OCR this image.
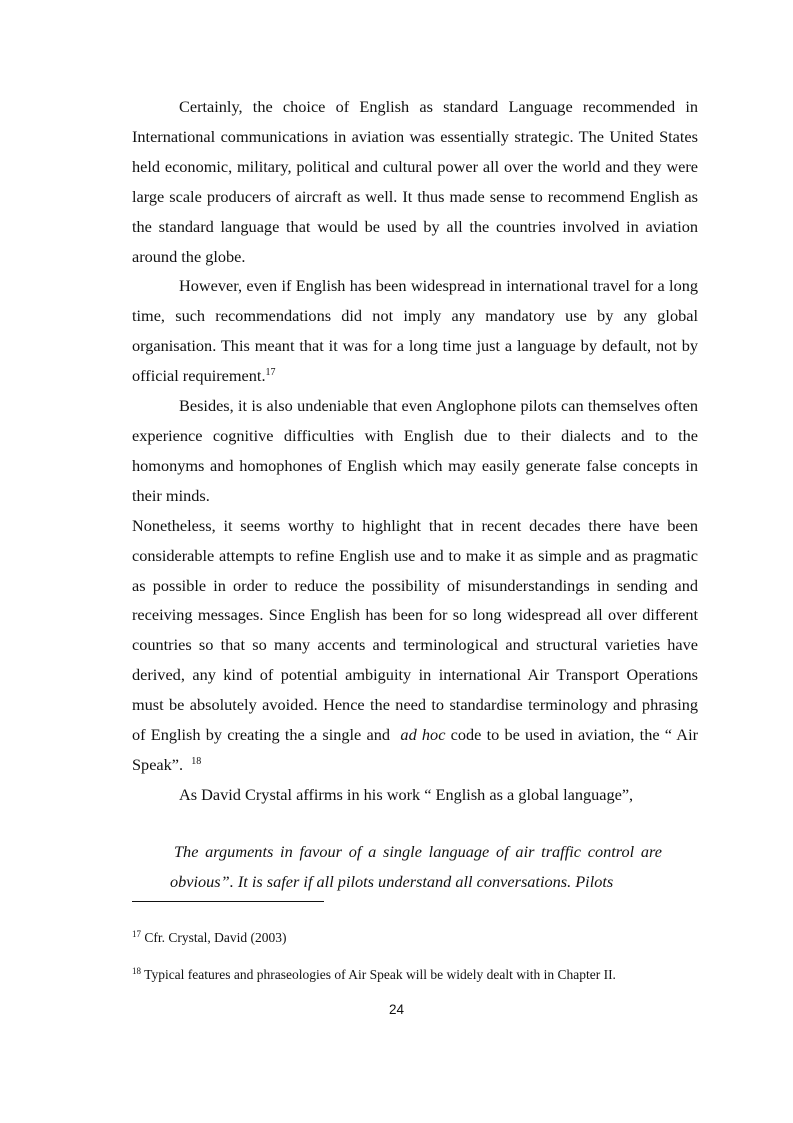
Certainly, the choice of English as standard Language recommended in International communications in aviation was essentially strategic. The United States held economic, military, political and cultural power all over the world and they were large scale producers of aircraft as well. It thus made sense to recommend English as the standard language that would be used by all the countries involved in aviation around the globe.

However, even if English has been widespread in international travel for a long time, such recommendations did not imply any mandatory use by any global organisation. This meant that it was for a long time just a language by default, not by official requirement.$^{17}$

Besides, it is also undeniable that even Anglophone pilots can themselves often experience cognitive difficulties with English due to their dialects and to the homonyms and homophones of English which may easily generate false concepts in their minds.

Nonetheless, it seems worthy to highlight that in recent decades there have been considerable attempts to refine English use and to make it as simple and as pragmatic as possible in order to reduce the possibility of misunderstandings in sending and receiving messages. Since English has been for so long widespread all over different countries so that so many accents and terminological and structural varieties have derived, any kind of potential ambiguity in international Air Transport Operations must be absolutely avoided. Hence the need to standardise terminology and phrasing of English by creating the a single and ad hoc code to be used in aviation, the “ Air Speak”. $^{18}$

As David Crystal affirms in his work “ English as a global language”,

The arguments in favour of a single language of air traffic control are obvious”. It is safer if all pilots understand all conversations. Pilots

$^{17}$ Cfr. Crystal, David (2003)
$^{18}$ Typical features and phraseologies of Air Speak will be widely dealt with in Chapter II.
24
